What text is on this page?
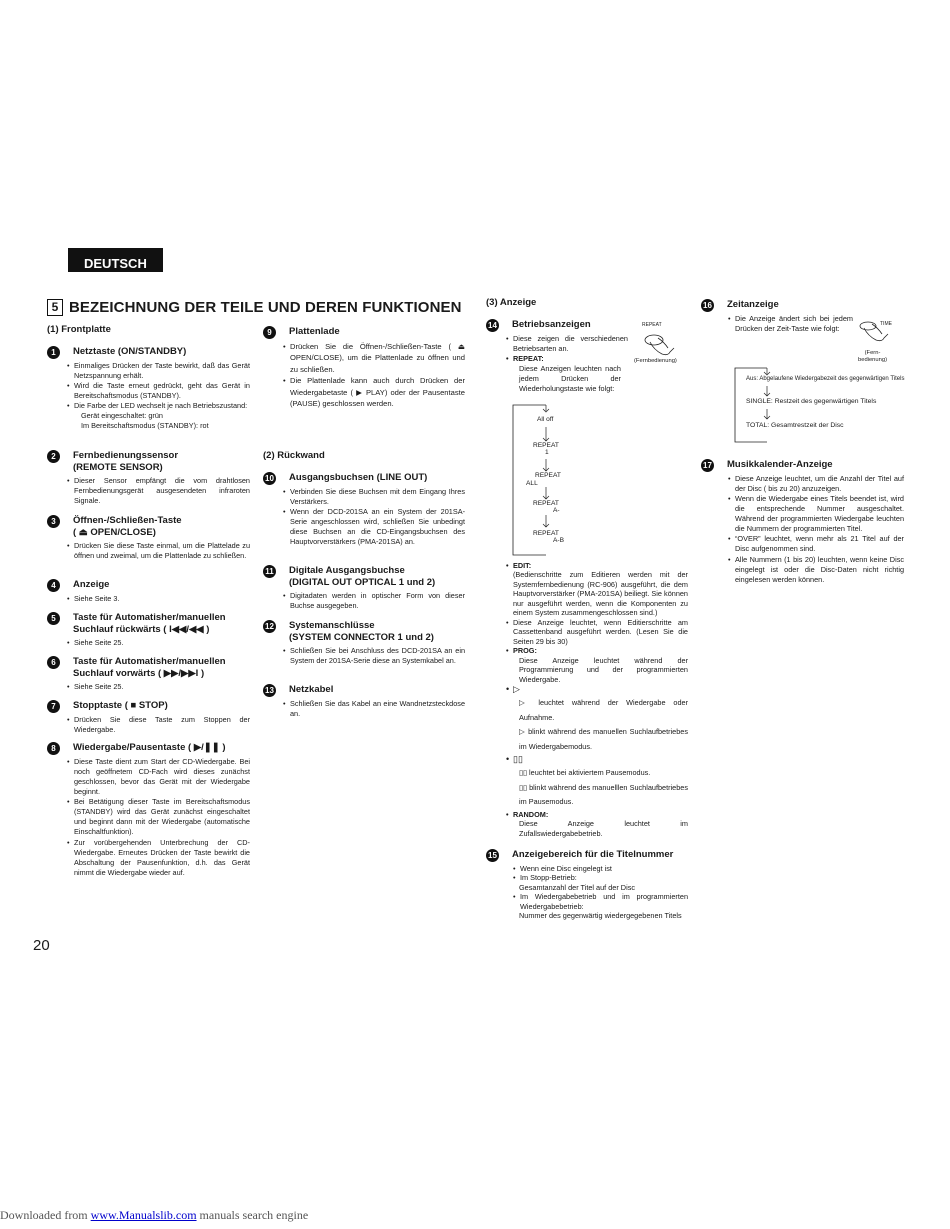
DEUTSCH
5 BEZEICHNUNG DER TEILE UND DEREN FUNKTIONEN
(1) Frontplatte
1	Netztaste (ON/STANDBY)
• Einmaliges Drücken der Taste bewirkt, daß das Gerät Netzspannung erhält.
• Wird die Taste erneut gedrückt, geht das Gerät in Bereitschaftsmodus (STANDBY).
• Die Farbe der LED wechselt je nach Betriebszustand:
Gerät eingeschaltet: grün
Im Bereitschaftsmodus (STANDBY): rot
2	Fernbedienungssensor
(REMOTE SENSOR)
• Dieser Sensor empfängt die vom drahtlosen Fernbedienungsgerät ausgesendeten infraroten Signale.
3	Öffnen-/Schließen-Taste
( ⏏ OPEN/CLOSE)
• Drücken Sie diese Taste einmal, um die Plattelade zu öffnen und zweimal, um die Plattenlade zu schließen.
4	Anzeige
• Siehe Seite 3.
5	Taste für Automatisher/manuellen
Suchlauf rückwärts ( I◀◀/◀◀ )
• Siehe Seite 25.
6	Taste für Automatisher/manuellen
Suchlauf vorwärts ( ▶▶/▶▶I )
• Siehe Seite 25.
7	Stopptaste ( ■ STOP)
• Drücken Sie diese Taste zum Stoppen der Wiedergabe.
8	Wiedergabe/Pausentaste ( ▶/❚❚ )
• Diese Taste dient zum Start der CD-Wiedergabe. Bei noch geöffnetem CD-Fach wird dieses zunächst geschlossen, bevor das Gerät mit der Wiedergabe beginnt.
• Bei Betätigung dieser Taste im Bereitschaftsmodus (STANDBY) wird das Gerät zunächst eingeschaltet und beginnt dann mit der Wiedergabe (automatische Einschaltfunktion).
• Zur vorübergehenden Unterbrechung der CD-Wiedergabe. Erneutes Drücken der Taste bewirkt die Abschaltung der Pausenfunktion, d.h. das Gerät nimmt die Wiedergabe wieder auf.
9	Plattenlade
• Drücken Sie die Öffnen-/Schließen-Taste ( ⏏ OPEN/CLOSE), um die Plattenlade zu öffnen und zu schließen.
• Die Plattenlade kann auch durch Drücken der Wiedergabetaste ( ▶ PLAY) oder der Pausentaste (PAUSE) geschlossen werden.
(2) Rückwand
10 Ausgangsbuchsen (LINE OUT)
• Verbinden Sie diese Buchsen mit dem Eingang Ihres Verstärkers.
• Wenn der DCD-201SA an ein System der 201SA-Serie angeschlossen wird, schließen Sie unbedingt diese Buchsen an die CD-Eingangsbuchsen des Hauptvorverstärkers (PMA-201SA) an.
11 Digitale Ausgangsbuchse
(DIGITAL OUT OPTICAL 1 und 2)
• Digitadaten werden in optischer Form von dieser Buchse ausgegeben.
12 Systemanschlüsse
(SYSTEM CONNECTOR 1 und 2)
• Schließen Sie bei Anschluss des DCD-201SA an ein System der 201SA-Serie diese an Systemkabel an.
13 Netzkabel
• Schließen Sie das Kabel an eine Wandnetzsteckdose an.
(3) Anzeige
14 Betriebsanzeigen
• Diese zeigen die verschiedenen Betriebsarten an.
• REPEAT:
Diese Anzeigen leuchten nach jedem Drücken der Wiederholungstaste wie folgt:
REPEAT
(Fernbedienung)
All off
REPEAT
1
REPEAT
ALL
REPEAT
A-
REPEAT
A-B
• EDIT:
(Bedienschritte zum Editieren werden mit der Systemfernbedienung (RC-906) ausgeführt, die dem Hauptvorverstärker (PMA-201SA) beiliegt. Sie können nur ausgeführt werden, wenn die Komponenten zu einem System zusammengeschlossen sind.)
• Diese Anzeige leuchtet, wenn Editierschritte am Cassettenband ausgeführt werden. (Lesen Sie die Seiten 29 bis 30)
• PROG:
Diese Anzeige leuchtet während der Programmierung und der programmierten Wiedergabe.
• ▷
▷ leuchtet während der Wiedergabe oder Aufnahme.
▷ blinkt während des manuellen Suchlaufbetriebes im Wiedergabemodus.
• ▯▯
▯▯ leuchtet bei aktiviertem Pausemodus.
▯▯ blinkt während des manuelllen Suchlaufbetriebes im Pausemodus.
• RANDOM:
Diese Anzeige leuchtet im Zufallswiedergabebetrieb.
15 Anzeigebereich für die Titelnummer
• Wenn eine Disc eingelegt ist
• Im Stopp-Betrieb:
Gesamtanzahl der Titel auf der Disc
• Im Wiedergabebetrieb und im programmierten Wiedergabebetrieb:
Nummer des gegenwärtig wiedergegebenen Titels
16 Zeitanzeige
• Die Anzeige ändert sich bei jedem Drücken der Zeit-Taste wie folgt:
TIME
(Fern-
bedienung)
Aus: Abgelaufene Wiedergabezeit des gegenwärtigen Titels
SINGLE: Restzeit des gegenwärtigen Titels
TOTAL: Gesamtrestzeit der Disc
17 Musikkalender-Anzeige
• Diese Anzeige leuchtet, um die Anzahl der Titel auf der Disc ( bis zu 20) anzuzeigen.
• Wenn die Wiedergabe eines Titels beendet ist, wird die entsprechende Nummer ausgeschaltet. Während der programmierten Wiedergabe leuchten die Nummern der programmierten Titel.
• “OVER” leuchtet, wenn mehr als 21 Titel auf der Disc aufgenommen sind.
• Alle Nummern (1 bis 20) leuchten, wenn keine Disc eingelegt ist oder die Disc-Daten nicht richtig eingelesen werden können.
20
Downloaded from www.Manualslib.com manuals search engine
